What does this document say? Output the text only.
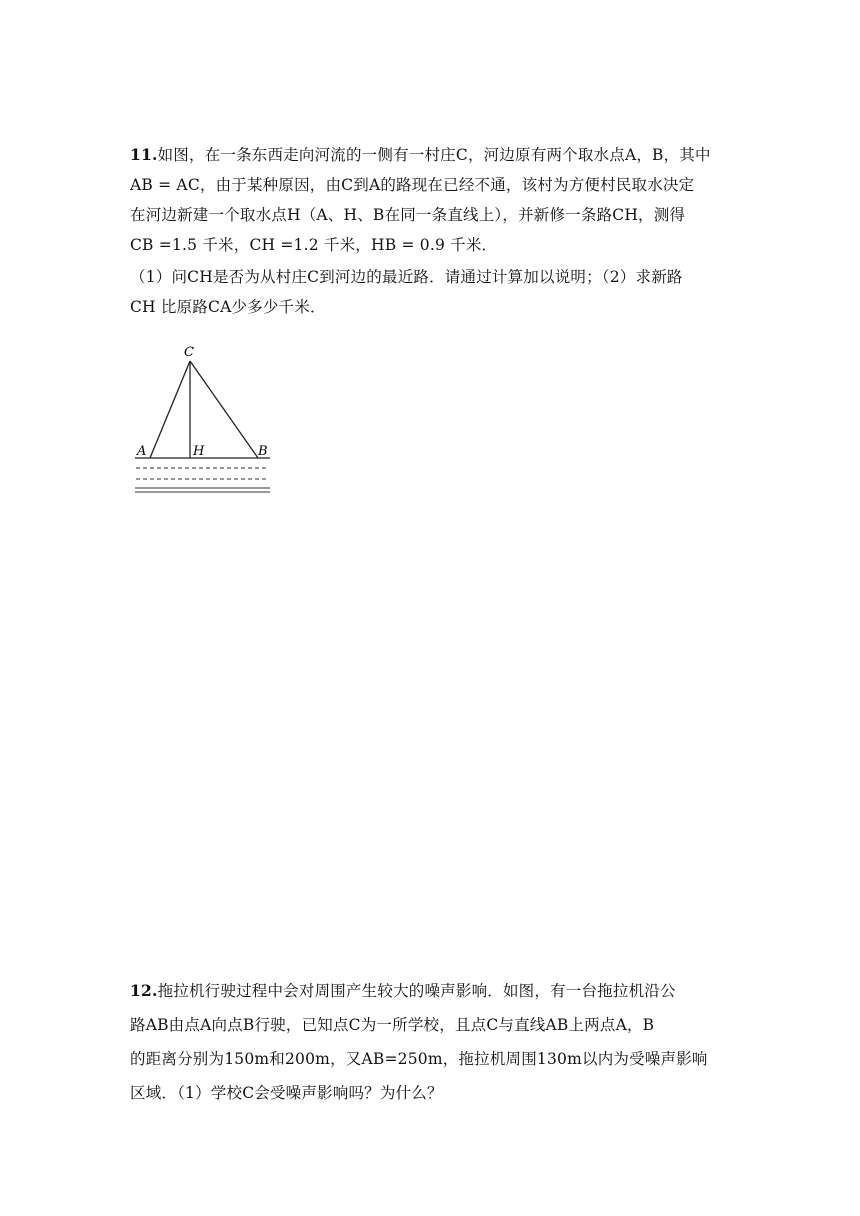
11.如图，在一条东西走向河流的一侧有一村庄C，河边原有两个取水点A，B，其中
AB = AC，由于某种原因，由C到A的路现在已经不通，该村为方便村民取水决定
在河边新建一个取水点H（A、H、B在同一条直线上），并新修一条路CH，测得
CB =1.5 千米，CH =1.2 千米，HB = 0.9 千米．
（1）问CH是否为从村庄C到河边的最近路．请通过计算加以说明；（2）求新路
CH 比原路CA少多少千米．
C
A	H	B
12.拖拉机行驶过程中会对周围产生较大的噪声影响．如图，有一台拖拉机沿公
路AB由点A向点B行驶，已知点C为一所学校，且点C与直线AB上两点A，B
的距离分别为150m和200m，又AB=250m，拖拉机周围130m以内为受噪声影响
区域．（1）学校C会受噪声影响吗？为什么？
